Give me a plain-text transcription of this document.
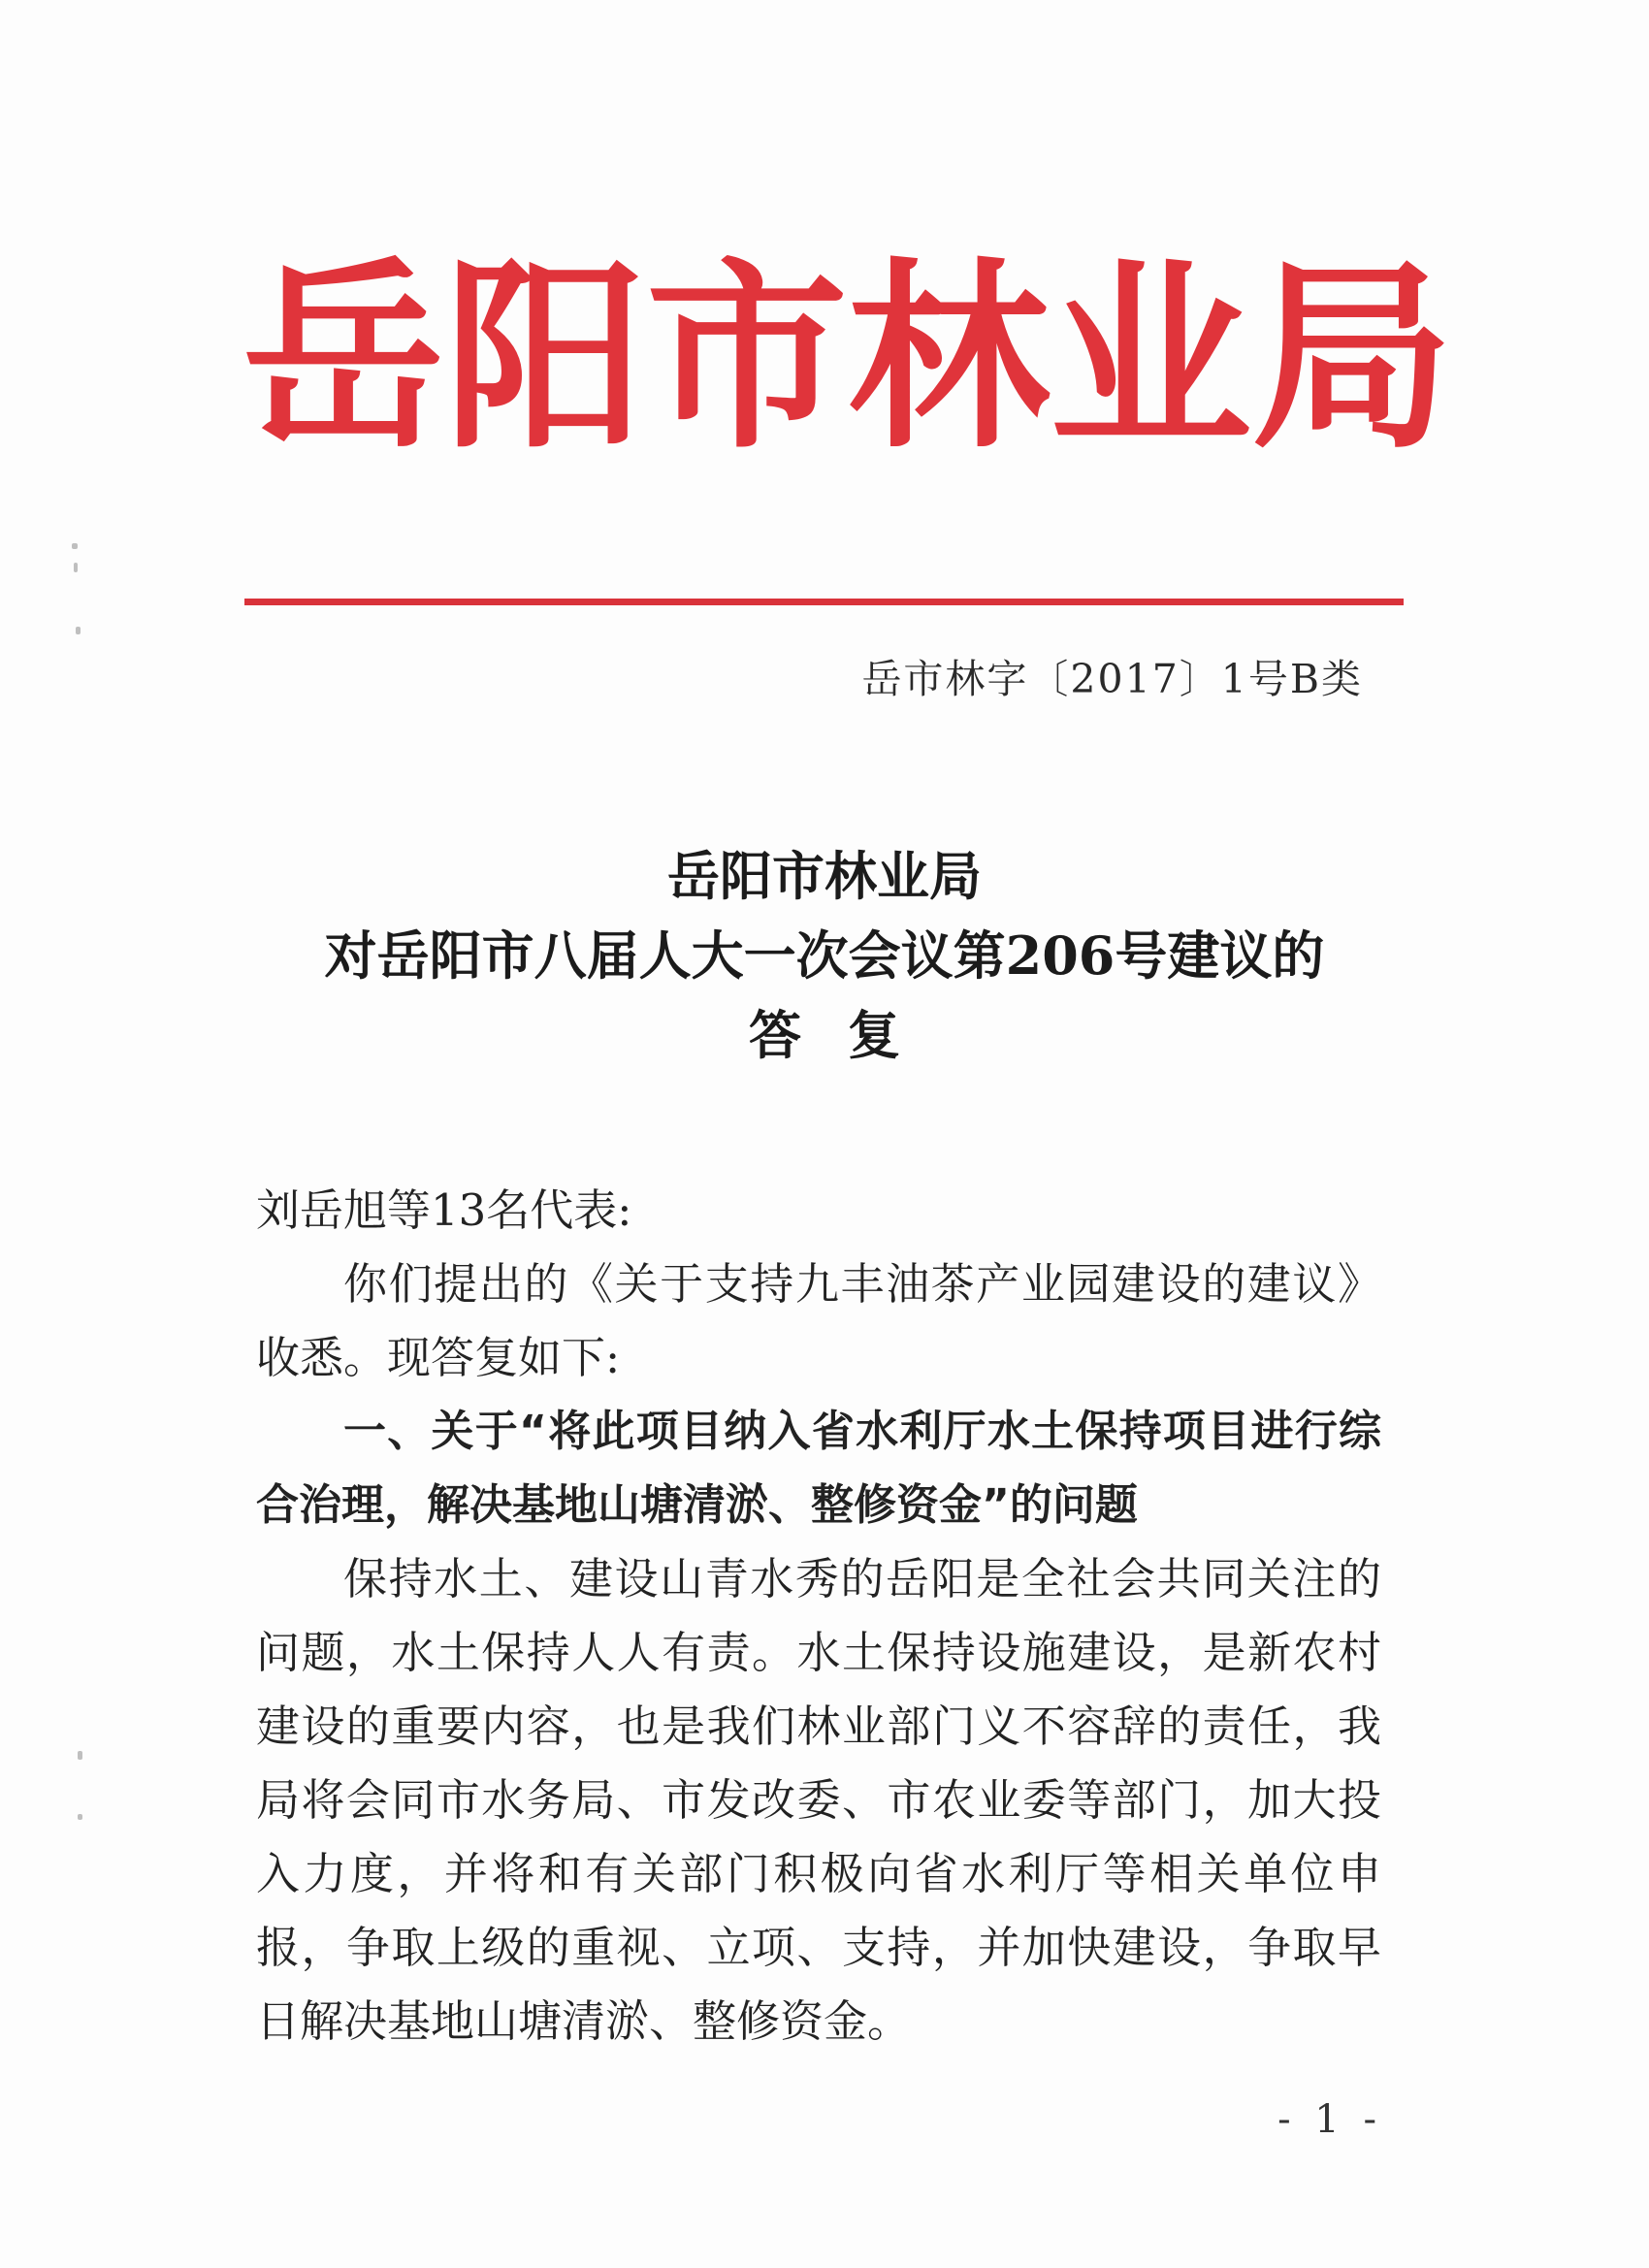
岳 阳 市 林 业 局
岳市林字〔2017〕1号B类
岳阳市林业局
对岳阳市八届人大一次会议第206号建议的
答复

刘岳旭等13名代表:

你们提出的《关于支持九丰油茶产业园建设的建议》收悉。现答复如下:

一、关于“将此项目纳入省水利厅水土保持项目进行综合治理，解决基地山塘清淤、整修资金”的问题

保持水土、建设山青水秀的岳阳是全社会共同关注的问题，水土保持人人有责。水土保持设施建设，是新农村建设的重要内容，也是我们林业部门义不容辞的责任，我局将会同市水务局、市发改委、市农业委等部门，加大投入力度，并将和有关部门积极向省水利厅等相关单位申报，争取上级的重视、立项、支持，并加快建设，争取早日解决基地山塘清淤、整修资金。

- 1 -
